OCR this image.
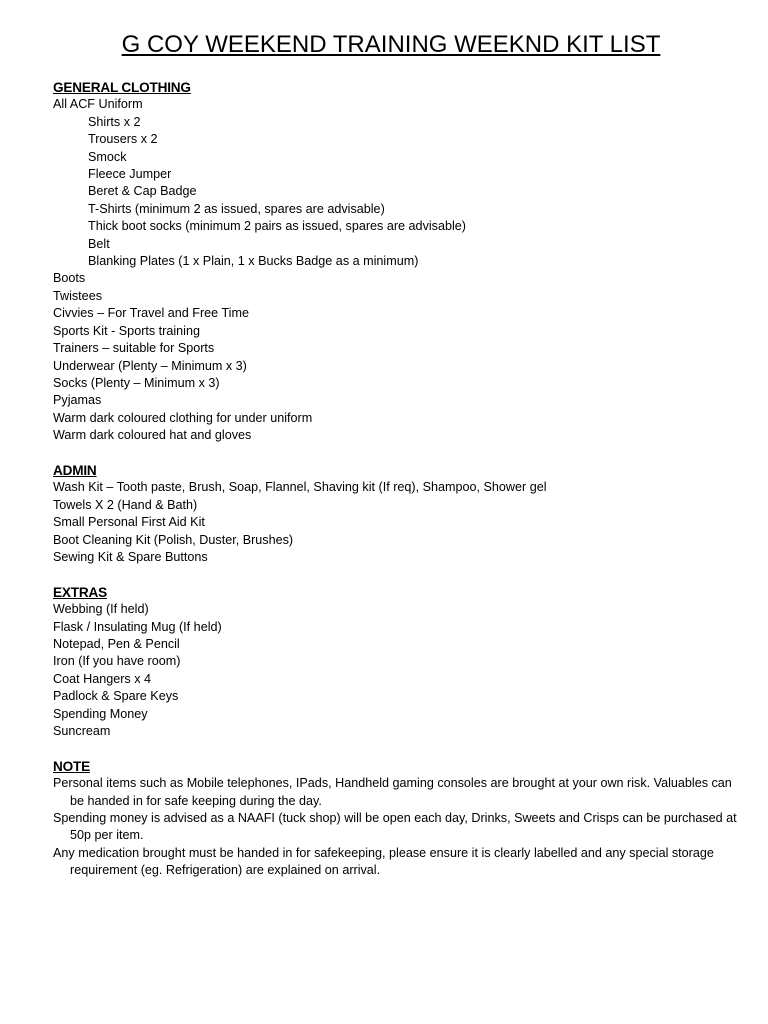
G COY WEEKEND TRAINING WEEKND KIT LIST
GENERAL CLOTHING
All ACF Uniform
Shirts x 2
Trousers x 2
Smock
Fleece Jumper
Beret & Cap Badge
T-Shirts (minimum 2 as issued, spares are advisable)
Thick boot socks (minimum 2 pairs as issued, spares are advisable)
Belt
Blanking Plates (1 x Plain, 1 x Bucks Badge as a minimum)
Boots
Twistees
Civvies – For Travel and Free Time
Sports Kit - Sports training
Trainers – suitable for Sports
Underwear (Plenty – Minimum x 3)
Socks (Plenty – Minimum x 3)
Pyjamas
Warm dark coloured clothing for under uniform
Warm dark coloured hat and gloves
ADMIN
Wash Kit – Tooth paste, Brush, Soap, Flannel, Shaving kit (If req), Shampoo, Shower gel
Towels X 2 (Hand & Bath)
Small Personal First Aid Kit
Boot Cleaning Kit (Polish, Duster, Brushes)
Sewing Kit & Spare Buttons
EXTRAS
Webbing (If held)
Flask / Insulating Mug (If held)
Notepad, Pen & Pencil
Iron (If you have room)
Coat Hangers x 4
Padlock & Spare Keys
Spending Money
Suncream
NOTE
Personal items such as Mobile telephones, IPads, Handheld gaming consoles are brought at your own risk. Valuables can be handed in for safe keeping during the day.
Spending money is advised as a NAAFI (tuck shop) will be open each day, Drinks, Sweets and Crisps can be purchased at 50p per item.
Any medication brought must be handed in for safekeeping, please ensure it is clearly labelled and any special storage requirement (eg. Refrigeration) are explained on arrival.
